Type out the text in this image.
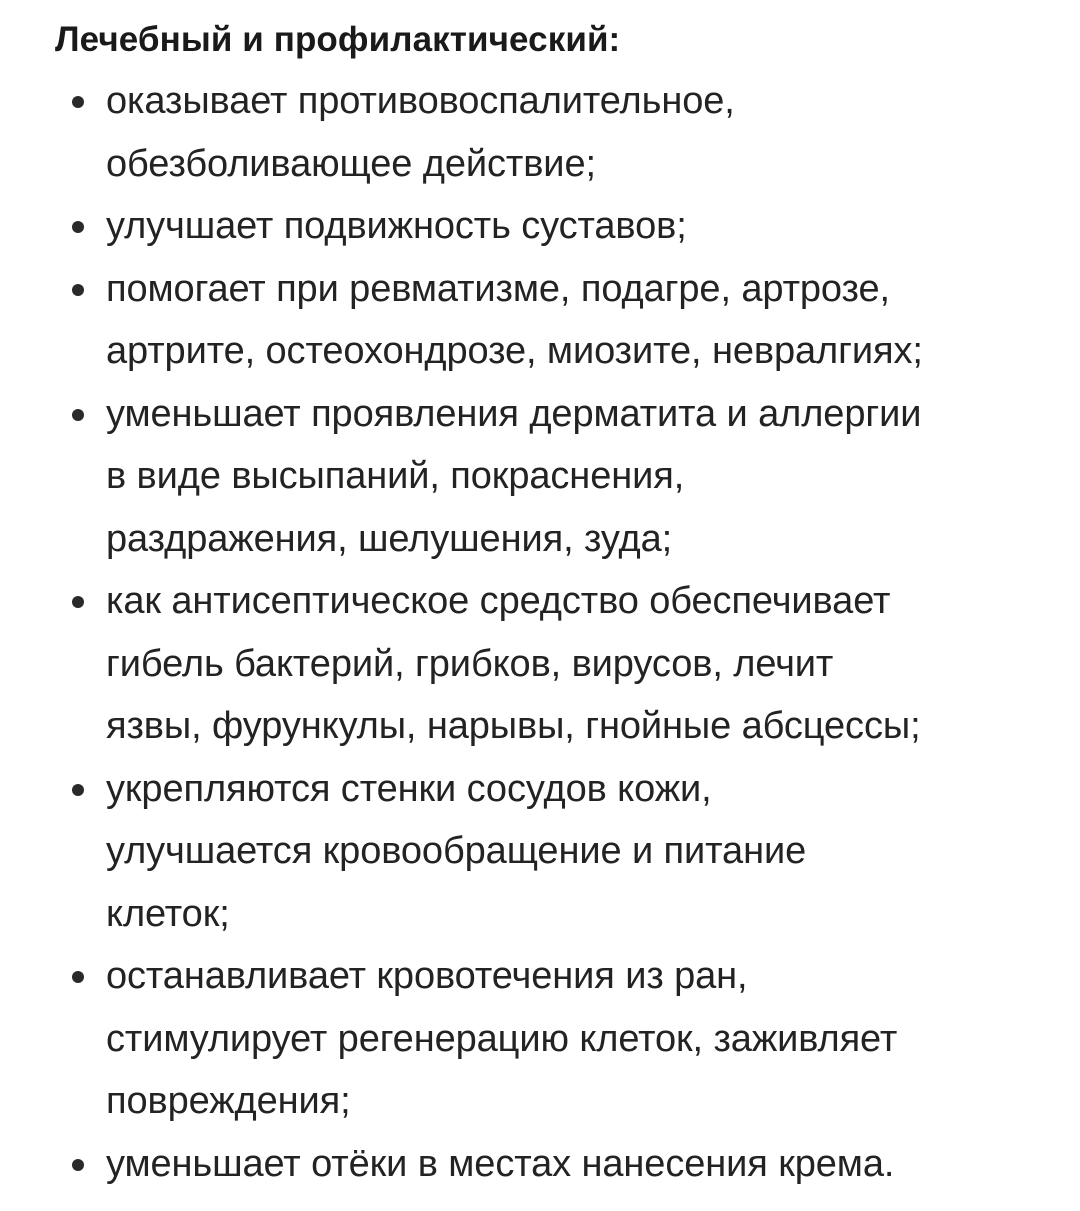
Лечебный и профилактический:
оказывает противовоспалительное,
обезболивающее действие;
улучшает подвижность суставов;
помогает при ревматизме, подагре, артрозе,
артрите, остеохондрозе, миозите, невралгиях;
уменьшает проявления дерматита и аллергии
в виде высыпаний, покраснения,
раздражения, шелушения, зуда;
как антисептическое средство обеспечивает
гибель бактерий, грибков, вирусов, лечит
язвы, фурункулы, нарывы, гнойные абсцессы;
укрепляются стенки сосудов кожи,
улучшается кровообращение и питание
клеток;
останавливает кровотечения из ран,
стимулирует регенерацию клеток, заживляет
повреждения;
уменьшает отёки в местах нанесения крема.
